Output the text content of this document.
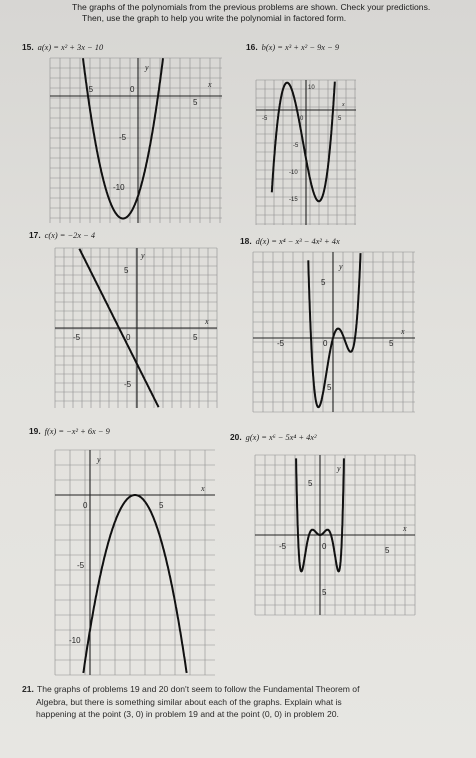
The graphs of the polynomials from the previous problems are shown. Check your predictions.
Then, use the graph to help you write the polynomial in factored form.
15. a(x) = x² + 3x − 10
-5	0
5
-5
-10
x
y
16. b(x) = x³ + x² − 9x − 9
10
-5	0	5
-5
-10
-15
x
17. c(x) = −2x − 4
5
-5	0	5
-5
x
y
18. d(x) = x⁴ − x³ − 4x² + 4x
5
-5	0	5
5
x
y
19. f(x) = −x² + 6x − 9
0	5
-5
-10
x
y
20. g(x) = x⁶ − 5x⁴ + 4x²
5
-5	0	5
5
x
y
21. The graphs of problems 19 and 20 don't seem to follow the Fundamental Theorem of
Algebra, but there is something similar about each of the graphs. Explain what is
happening at the point (3, 0) in problem 19 and at the point (0, 0) in problem 20.
